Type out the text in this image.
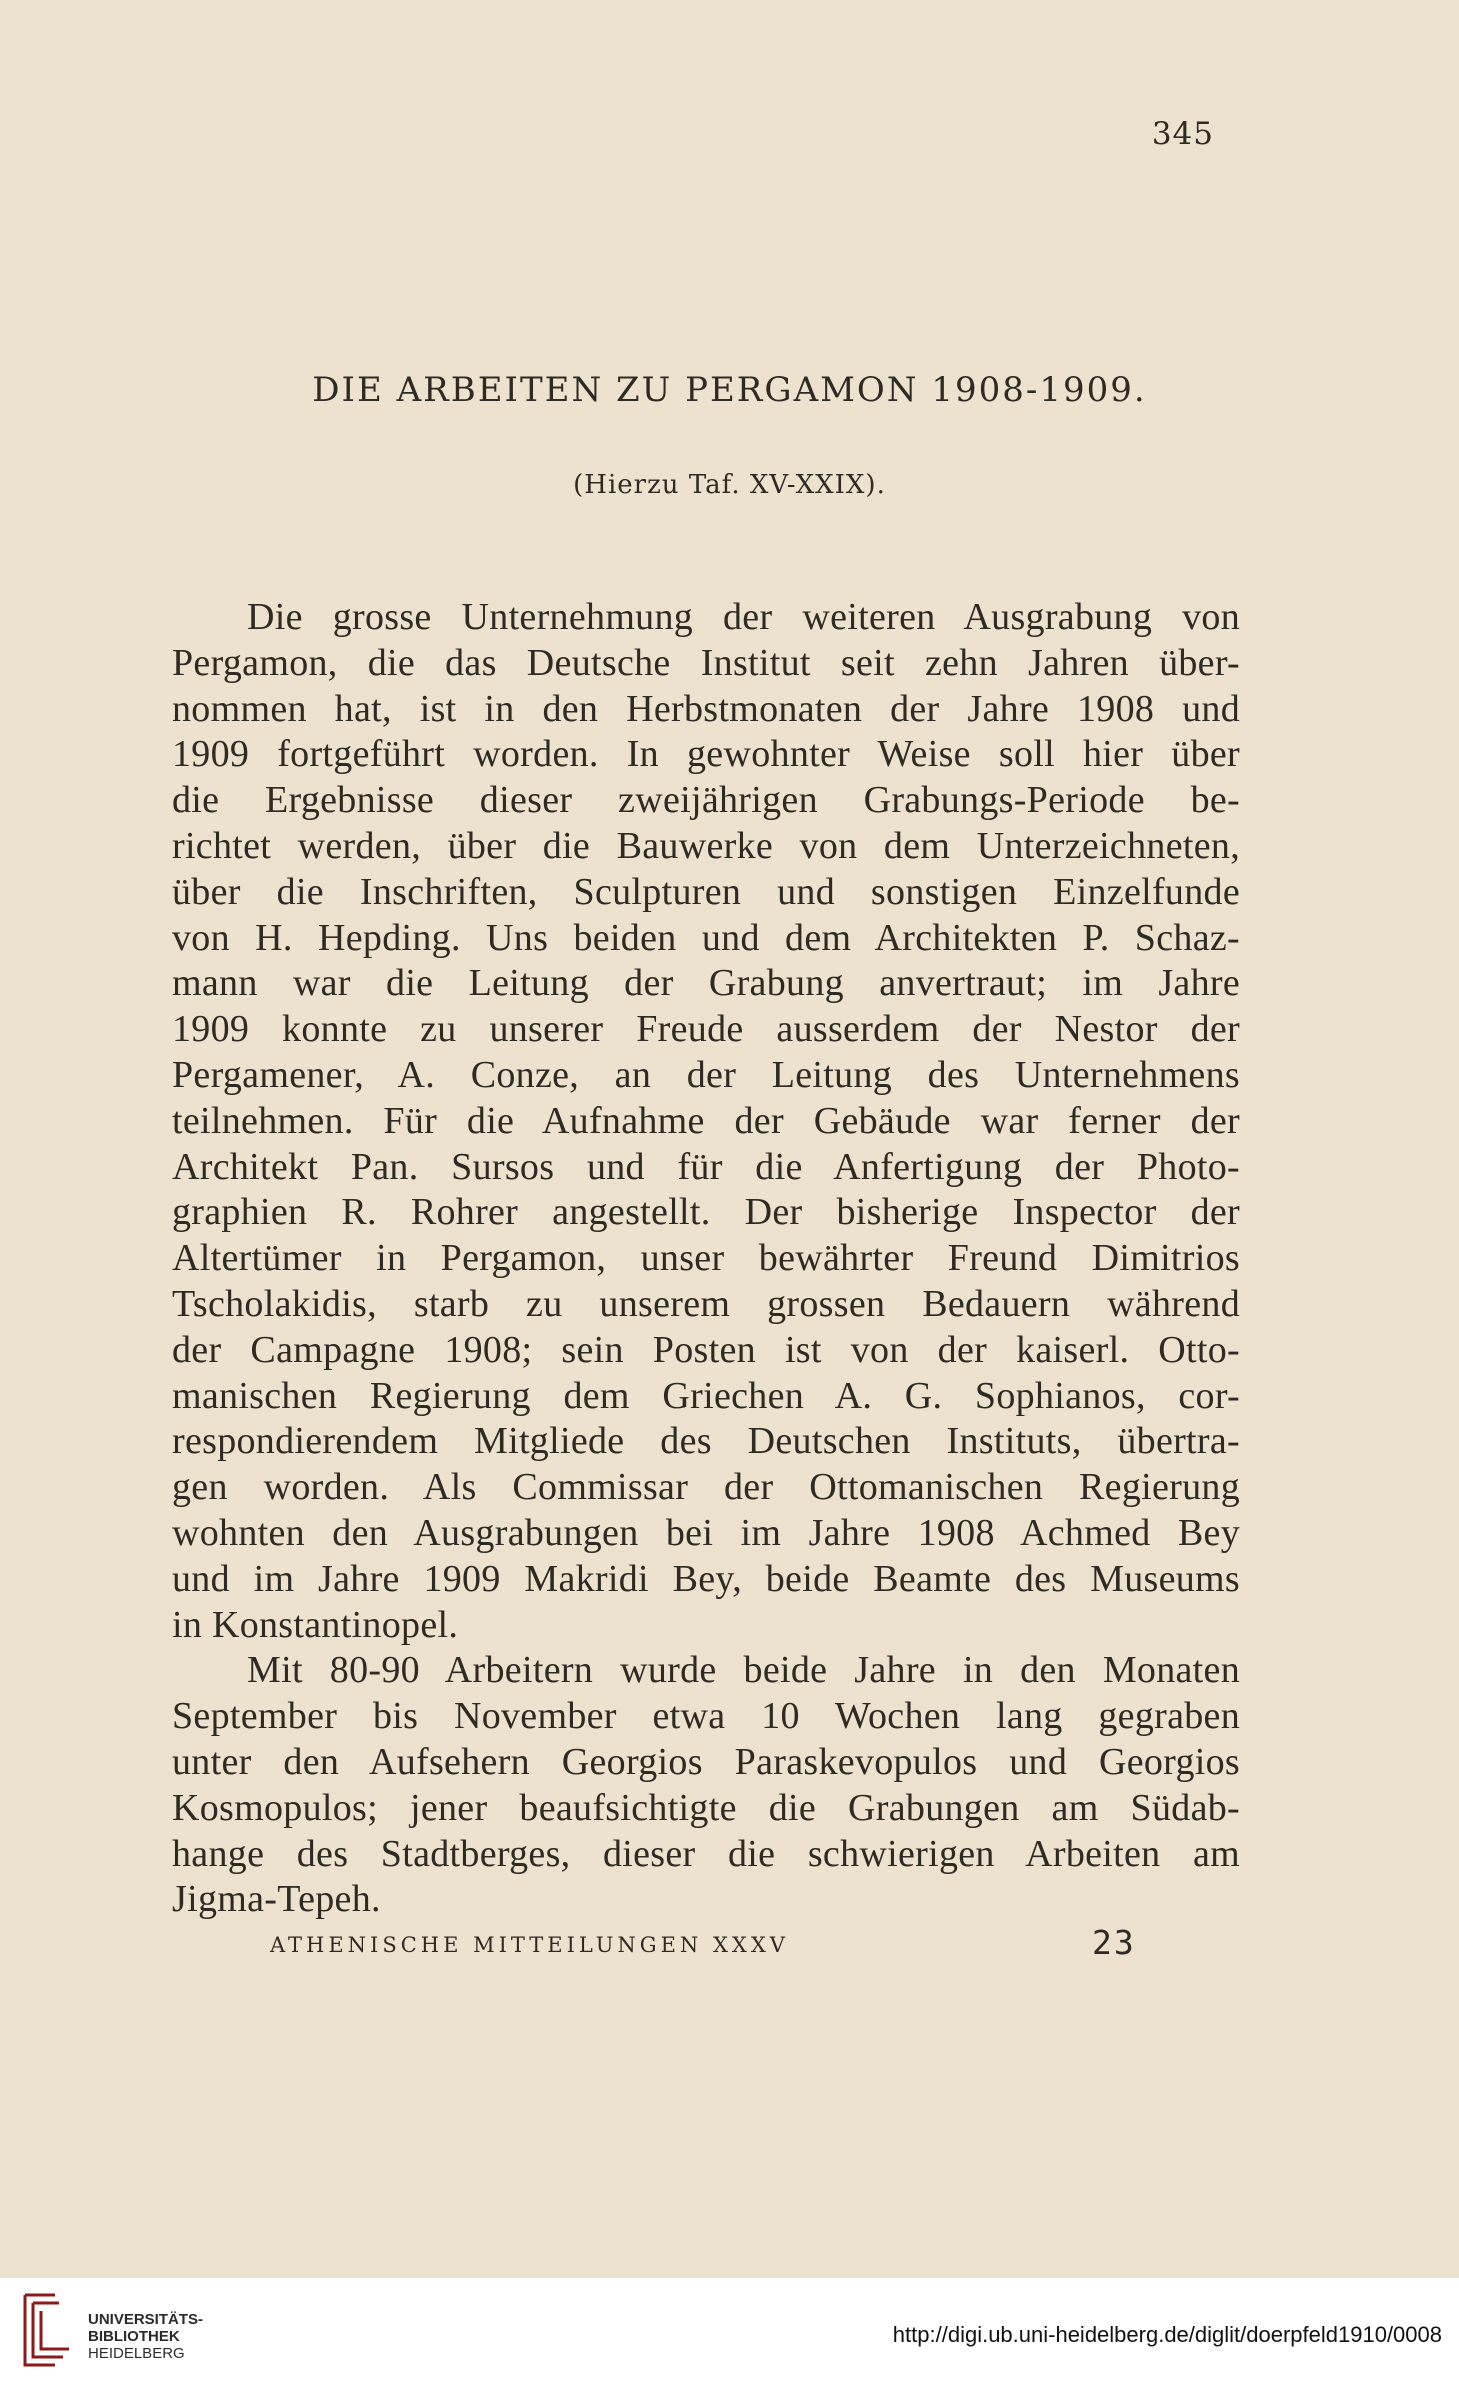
345
DIE ARBEITEN ZU PERGAMON 1908-1909.
(Hierzu Taf. XV-XXIX).
Die grosse Unternehmung der weiteren Ausgrabung von
Pergamon, die das Deutsche Institut seit zehn Jahren über-
nommen hat, ist in den Herbstmonaten der Jahre 1908 und
1909 fortgeführt worden. In gewohnter Weise soll hier über
die Ergebnisse dieser zweijährigen Grabungs-Periode be-
richtet werden, über die Bauwerke von dem Unterzeichneten,
über die Inschriften, Sculpturen und sonstigen Einzelfunde
von H. Hepding. Uns beiden und dem Architekten P. Schaz-
mann war die Leitung der Grabung anvertraut; im Jahre
1909 konnte zu unserer Freude ausserdem der Nestor der
Pergamener, A. Conze, an der Leitung des Unternehmens
teilnehmen. Für die Aufnahme der Gebäude war ferner der
Architekt Pan. Sursos und für die Anfertigung der Photo-
graphien R. Rohrer angestellt. Der bisherige Inspector der
Altertümer in Pergamon, unser bewährter Freund Dimitrios
Tscholakidis, starb zu unserem grossen Bedauern während
der Campagne 1908; sein Posten ist von der kaiserl. Otto-
manischen Regierung dem Griechen A. G. Sophianos, cor-
respondierendem Mitgliede des Deutschen Instituts, übertra-
gen worden. Als Commissar der Ottomanischen Regierung
wohnten den Ausgrabungen bei im Jahre 1908 Achmed Bey
und im Jahre 1909 Makridi Bey, beide Beamte des Museums
in Konstantinopel.
Mit 80-90 Arbeitern wurde beide Jahre in den Monaten
September bis November etwa 10 Wochen lang gegraben
unter den Aufsehern Georgios Paraskevopulos und Georgios
Kosmopulos; jener beaufsichtigte die Grabungen am Südab-
hange des Stadtberges, dieser die schwierigen Arbeiten am
Jigma-Tepeh.
ATHENISCHE MITTEILUNGEN XXXV	23
UNIVERSITÄTS-
BIBLIOTHEK
HEIDELBERG
http://digi.ub.uni-heidelberg.de/diglit/doerpfeld1910/0008
